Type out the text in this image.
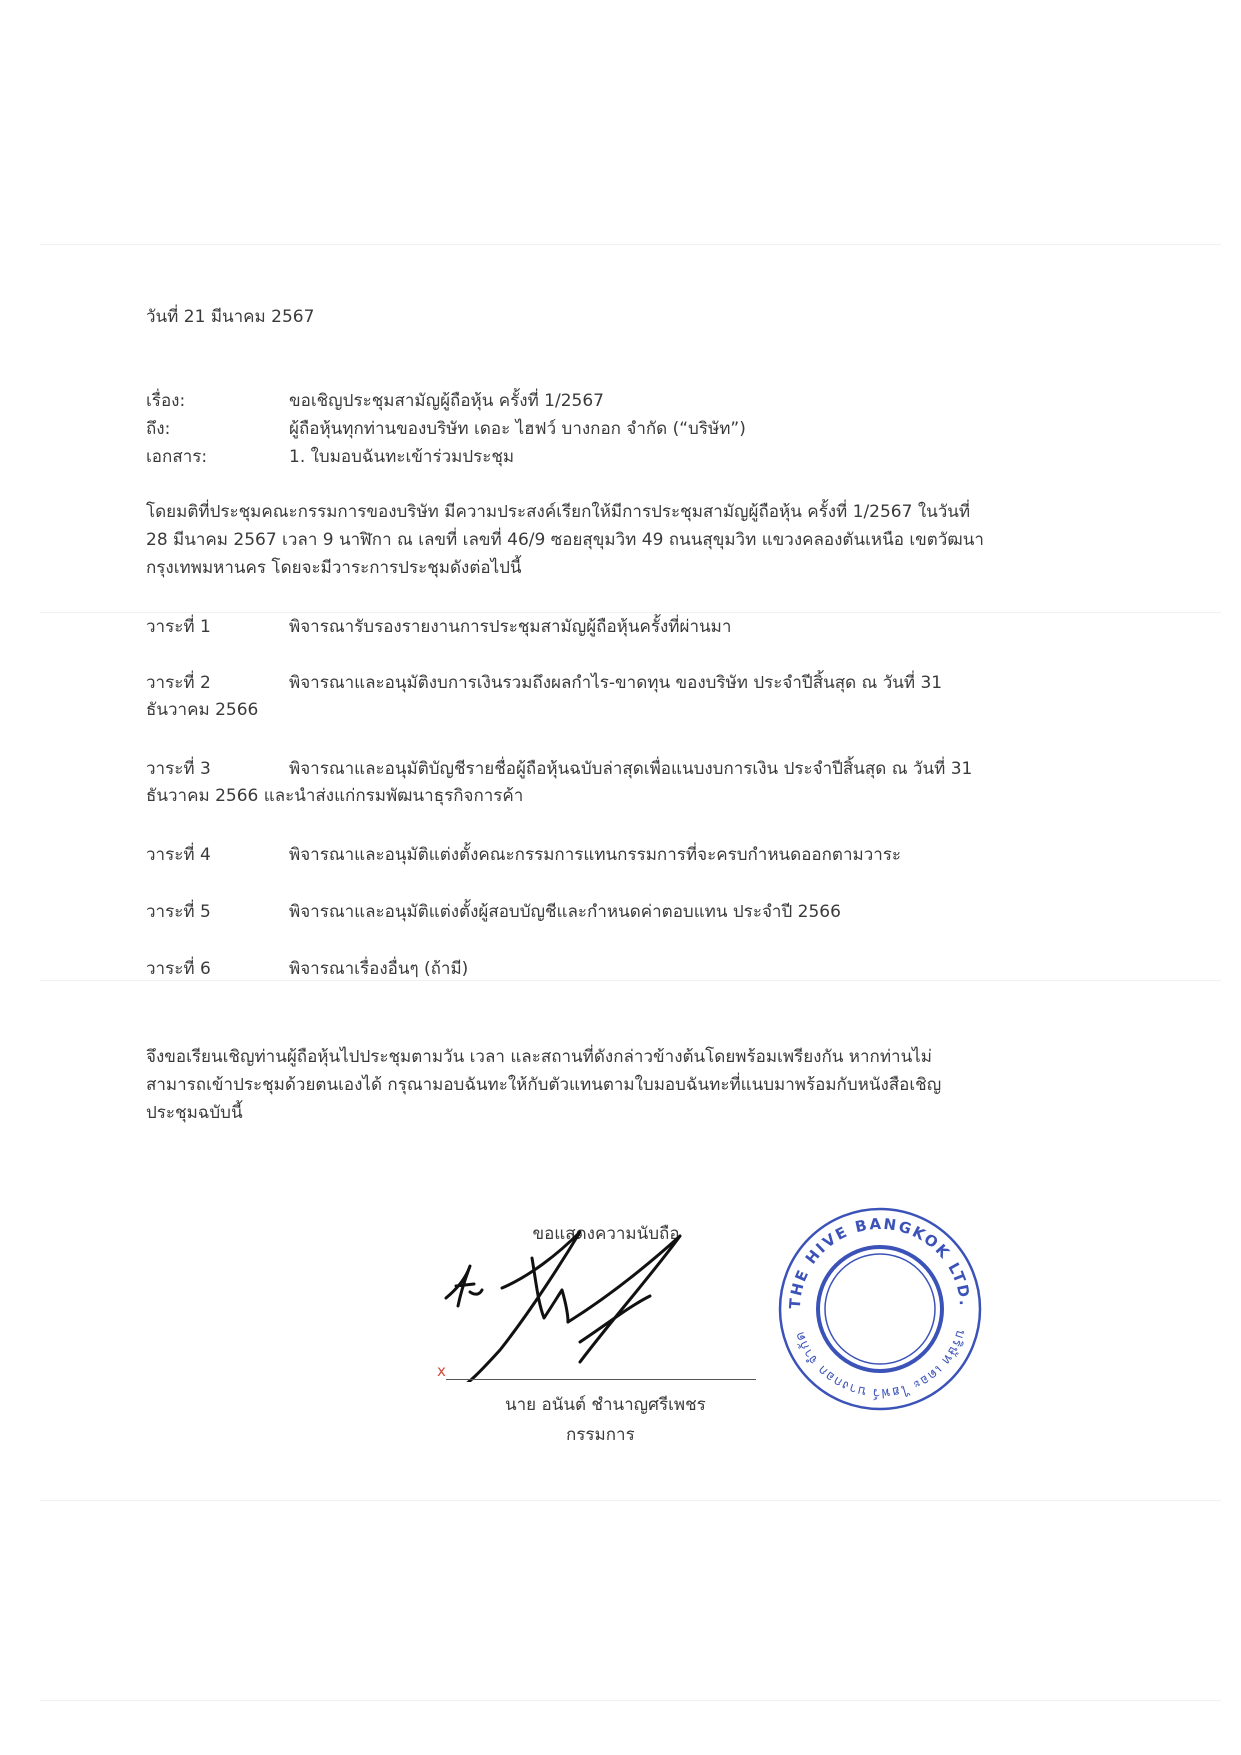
วันที่ 21 มีนาคม 2567
เรื่อง:	ขอเชิญประชุมสามัญผู้ถือหุ้น ครั้งที่ 1/2567
ถึง:	ผู้ถือหุ้นทุกท่านของบริษัท เดอะ ไฮฟว์ บางกอก จำกัด (“บริษัท”)
เอกสาร:	1. ใบมอบฉันทะเข้าร่วมประชุม
โดยมติที่ประชุมคณะกรรมการของบริษัท มีความประสงค์เรียกให้มีการประชุมสามัญผู้ถือหุ้น ครั้งที่ 1/2567 ในวันที่
28 มีนาคม 2567 เวลา 9 นาฬิกา ณ เลขที่ เลขที่ 46/9 ซอยสุขุมวิท 49 ถนนสุขุมวิท แขวงคลองตันเหนือ เขตวัฒนา
กรุงเทพมหานคร โดยจะมีวาระการประชุมดังต่อไปนี้
วาระที่ 1	พิจารณารับรองรายงานการประชุมสามัญผู้ถือหุ้นครั้งที่ผ่านมา
วาระที่ 2	พิจารณาและอนุมัติงบการเงินรวมถึงผลกำไร-ขาดทุน ของบริษัท ประจำปีสิ้นสุด ณ วันที่ 31
ธันวาคม 2566
วาระที่ 3	พิจารณาและอนุมัติบัญชีรายชื่อผู้ถือหุ้นฉบับล่าสุดเพื่อแนบงบการเงิน ประจำปีสิ้นสุด ณ วันที่ 31
ธันวาคม 2566 และนำส่งแก่กรมพัฒนาธุรกิจการค้า
วาระที่ 4	พิจารณาและอนุมัติแต่งตั้งคณะกรรมการแทนกรรมการที่จะครบกำหนดออกตามวาระ
วาระที่ 5	พิจารณาและอนุมัติแต่งตั้งผู้สอบบัญชีและกำหนดค่าตอบแทน ประจำปี 2566
วาระที่ 6	พิจารณาเรื่องอื่นๆ (ถ้ามี)
จึงขอเรียนเชิญท่านผู้ถือหุ้นไปประชุมตามวัน เวลา และสถานที่ดังกล่าวข้างต้นโดยพร้อมเพรียงกัน หากท่านไม่
สามารถเข้าประชุมด้วยตนเองได้ กรุณามอบฉันทะให้กับตัวแทนตามใบมอบฉันทะที่แนบมาพร้อมกับหนังสือเชิญ
ประชุมฉบับนี้
ขอแสดงความนับถือ
x
นาย อนันต์ ชำนาญศรีเพชร
กรรมการ
THE HIVE BANGKOK LTD.
บริษัท เดอะ ไฮฟว์ บางกอก จำกัด
